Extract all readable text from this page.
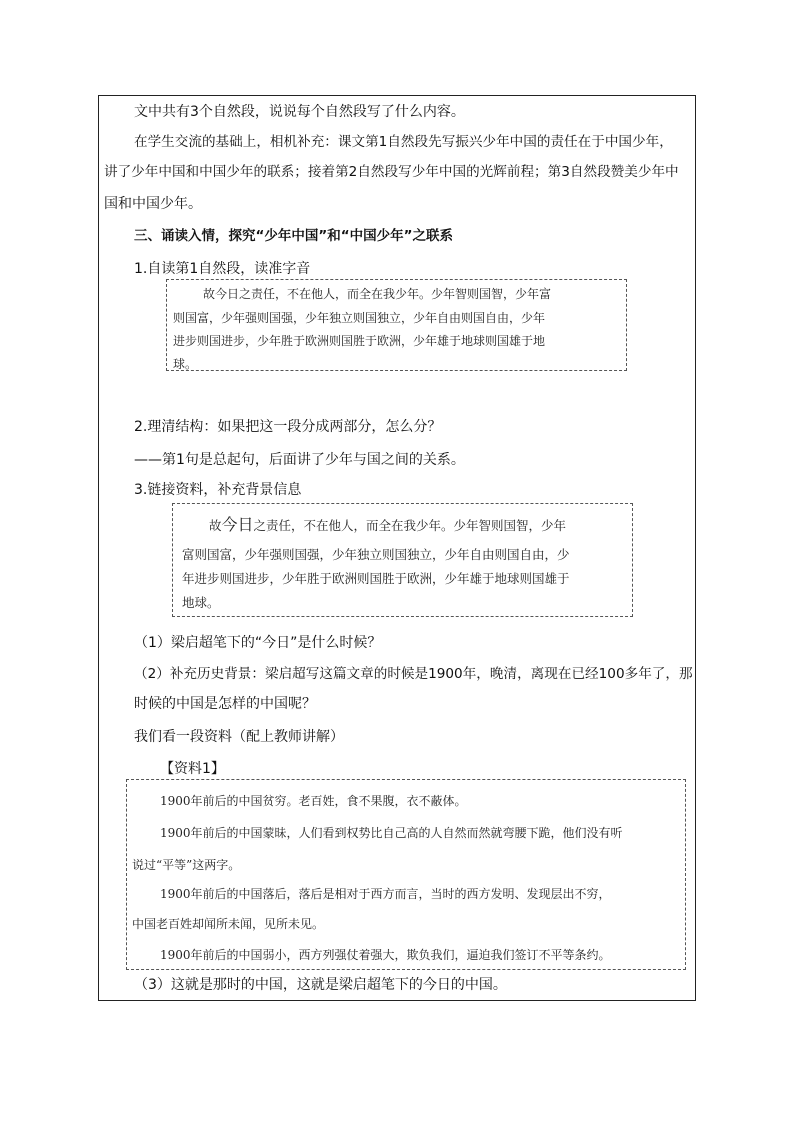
文中共有3个自然段，说说每个自然段写了什么内容。
在学生交流的基础上，相机补充：课文第1自然段先写振兴少年中国的责任在于中国少年，
讲了少年中国和中国少年的联系；接着第2自然段写少年中国的光辉前程；第3自然段赞美少年中
国和中国少年。
三、诵读入情，探究“少年中国”和“中国少年”之联系
1.自读第1自然段，读准字音
故今日之责任，不在他人，而全在我少年。少年智则国智，少年富
则国富，少年强则国强，少年独立则国独立，少年自由则国自由，少年
进步则国进步，少年胜于欧洲则国胜于欧洲，少年雄于地球则国雄于地
球。
2.理清结构：如果把这一段分成两部分，怎么分？
——第1句是总起句，后面讲了少年与国之间的关系。
3.链接资料，补充背景信息
故今日之责任，不在他人，而全在我少年。少年智则国智，少年
富则国富，少年强则国强，少年独立则国独立，少年自由则国自由，少
年进步则国进步，少年胜于欧洲则国胜于欧洲，少年雄于地球则国雄于
地球。
（1）梁启超笔下的“今日”是什么时候？
（2）补充历史背景：梁启超写这篇文章的时候是1900年，晚清，离现在已经100多年了，那
时候的中国是怎样的中国呢？
我们看一段资料（配上教师讲解）
【资料1】
1900年前后的中国贫穷。老百姓，食不果腹，衣不蔽体。
1900年前后的中国蒙昧，人们看到权势比自己高的人自然而然就弯腰下跪，他们没有听
说过“平等”这两字。
1900年前后的中国落后，落后是相对于西方而言，当时的西方发明、发现层出不穷，
中国老百姓却闻所未闻，见所未见。
1900年前后的中国弱小，西方列强仗着强大，欺负我们，逼迫我们签订不平等条约。
（3）这就是那时的中国，这就是梁启超笔下的今日的中国。
